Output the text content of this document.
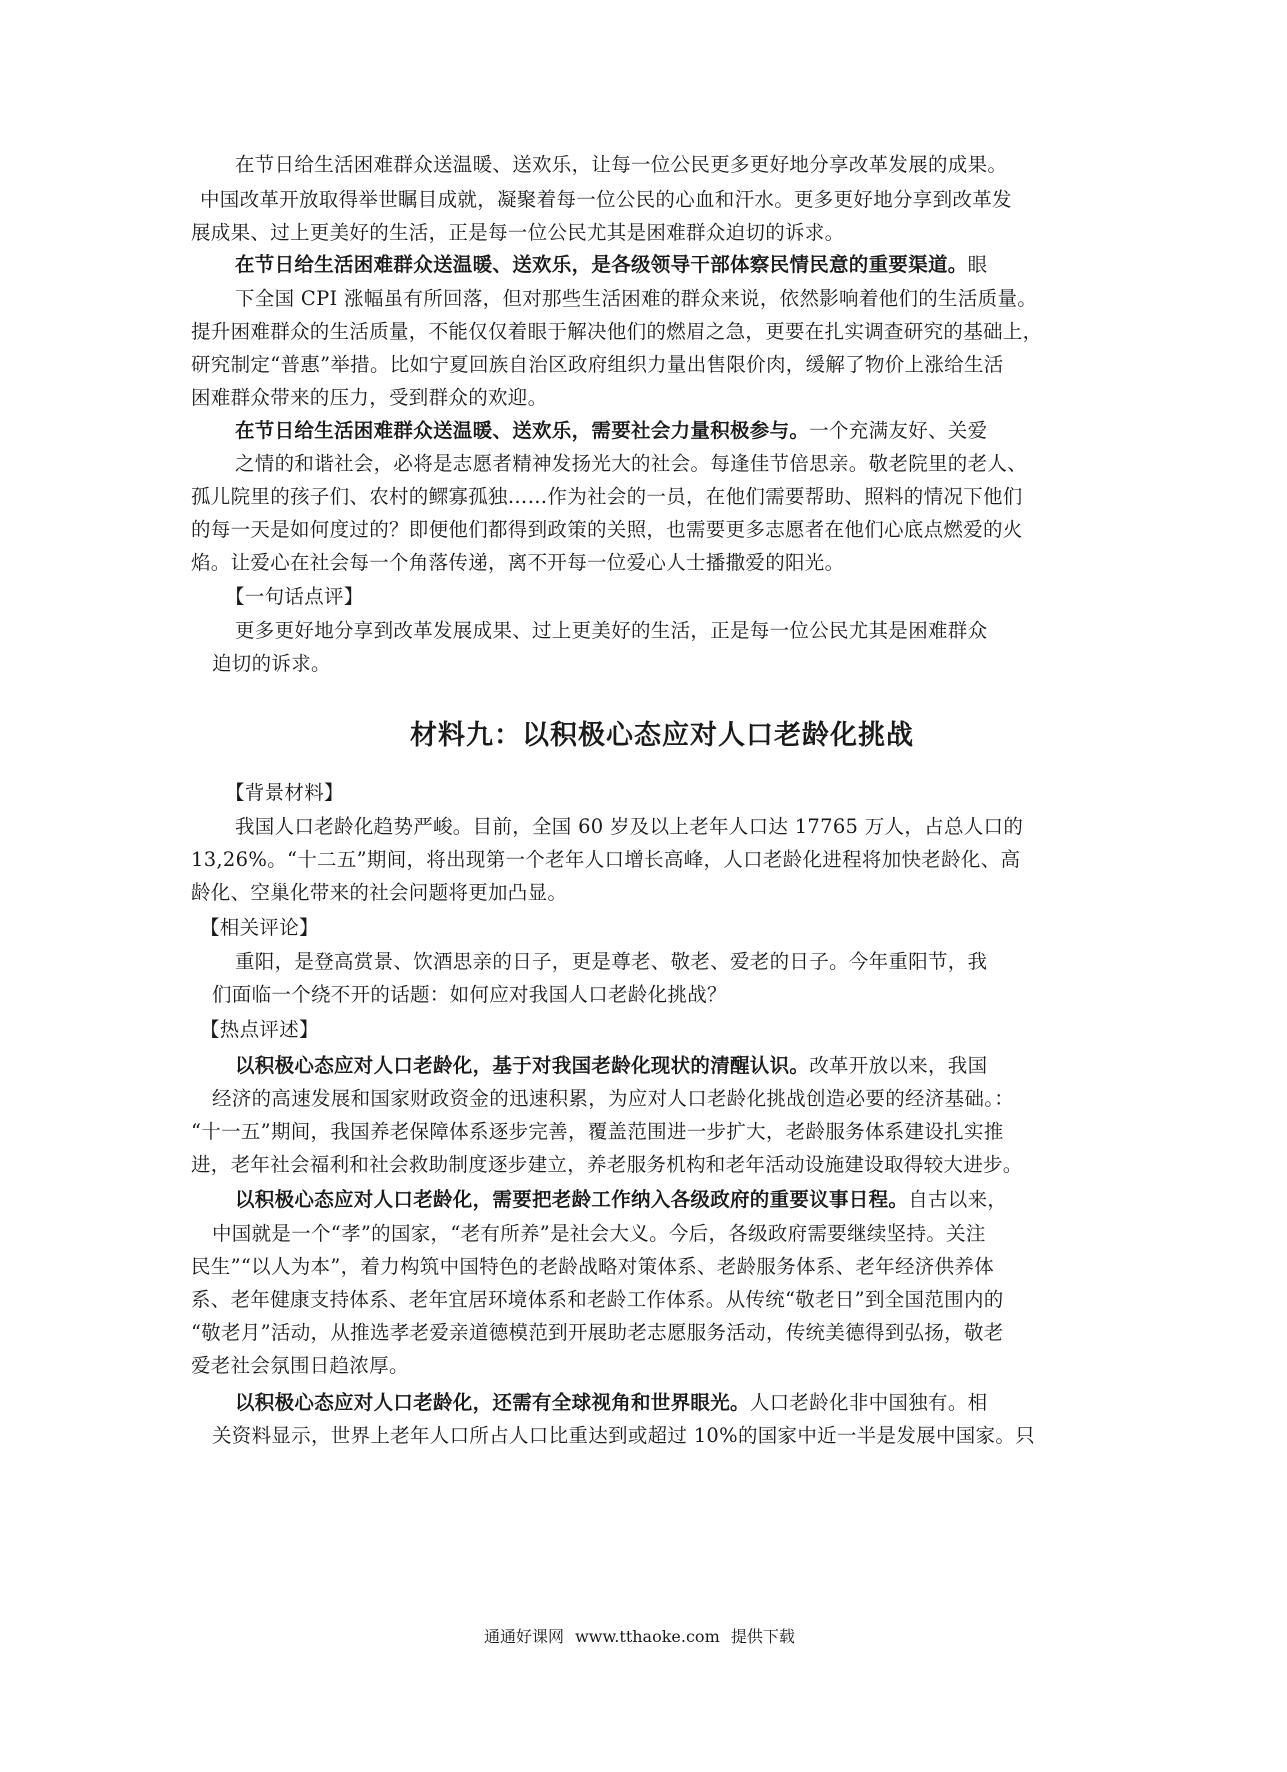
在节日给生活困难群众送温暖、送欢乐，让每一位公民更多更好地分享改革发展的成果。
中国改革开放取得举世瞩目成就，凝聚着每一位公民的心血和汗水。更多更好地分享到改革发
展成果、过上更美好的生活，正是每一位公民尤其是困难群众迫切的诉求。
在节日给生活困难群众送温暖、送欢乐，是各级领导干部体察民情民意的重要渠道。眼
下全国 CPI 涨幅虽有所回落，但对那些生活困难的群众来说，依然影响着他们的生活质量。
提升困难群众的生活质量，不能仅仅着眼于解决他们的燃眉之急，更要在扎实调查研究的基础上，
研究制定“普惠”举措。比如宁夏回族自治区政府组织力量出售限价肉，缓解了物价上涨给生活
困难群众带来的压力，受到群众的欢迎。
在节日给生活困难群众送温暖、送欢乐，需要社会力量积极参与。一个充满友好、关爱
之情的和谐社会，必将是志愿者精神发扬光大的社会。每逢佳节倍思亲。敬老院里的老人、
孤儿院里的孩子们、农村的鳏寡孤独……作为社会的一员，在他们需要帮助、照料的情况下他们
的每一天是如何度过的？即便他们都得到政策的关照，也需要更多志愿者在他们心底点燃爱的火
焰。让爱心在社会每一个角落传递，离不开每一位爱心人士播撒爱的阳光。
【一句话点评】
更多更好地分享到改革发展成果、过上更美好的生活，正是每一位公民尤其是困难群众
迫切的诉求。
材料九：以积极心态应对人口老龄化挑战
【背景材料】
我国人口老龄化趋势严峻。目前，全国 60 岁及以上老年人口达 17765 万人，占总人口的
13,26%。“十二五”期间，将出现第一个老年人口增长高峰，人口老龄化进程将加快老龄化、高
龄化、空巢化带来的社会问题将更加凸显。
【相关评论】
重阳，是登高赏景、饮酒思亲的日子，更是尊老、敬老、爱老的日子。今年重阳节，我
们面临一个绕不开的话题：如何应对我国人口老龄化挑战？
【热点评述】
以积极心态应对人口老龄化，基于对我国老龄化现状的清醒认识。改革开放以来，我国
经济的高速发展和国家财政资金的迅速积累，为应对人口老龄化挑战创造必要的经济基础。：
“十一五”期间，我国养老保障体系逐步完善，覆盖范围进一步扩大，老龄服务体系建设扎实推
进，老年社会福利和社会救助制度逐步建立，养老服务机构和老年活动设施建设取得较大进步。
以积极心态应对人口老龄化，需要把老龄工作纳入各级政府的重要议事日程。自古以来，
中国就是一个“孝”的国家，“老有所养”是社会大义。今后，各级政府需要继续坚持。关注
民生”“以人为本”，着力构筑中国特色的老龄战略对策体系、老龄服务体系、老年经济供养体
系、老年健康支持体系、老年宜居环境体系和老龄工作体系。从传统“敬老日”到全国范围内的
“敬老月”活动，从推选孝老爱亲道德模范到开展助老志愿服务活动，传统美德得到弘扬，敬老
爱老社会氛围日趋浓厚。
以积极心态应对人口老龄化，还需有全球视角和世界眼光。人口老龄化非中国独有。相
关资料显示，世界上老年人口所占人口比重达到或超过 10%的国家中近一半是发展中国家。只
通通好课网 www.tthaoke.com 提供下载
